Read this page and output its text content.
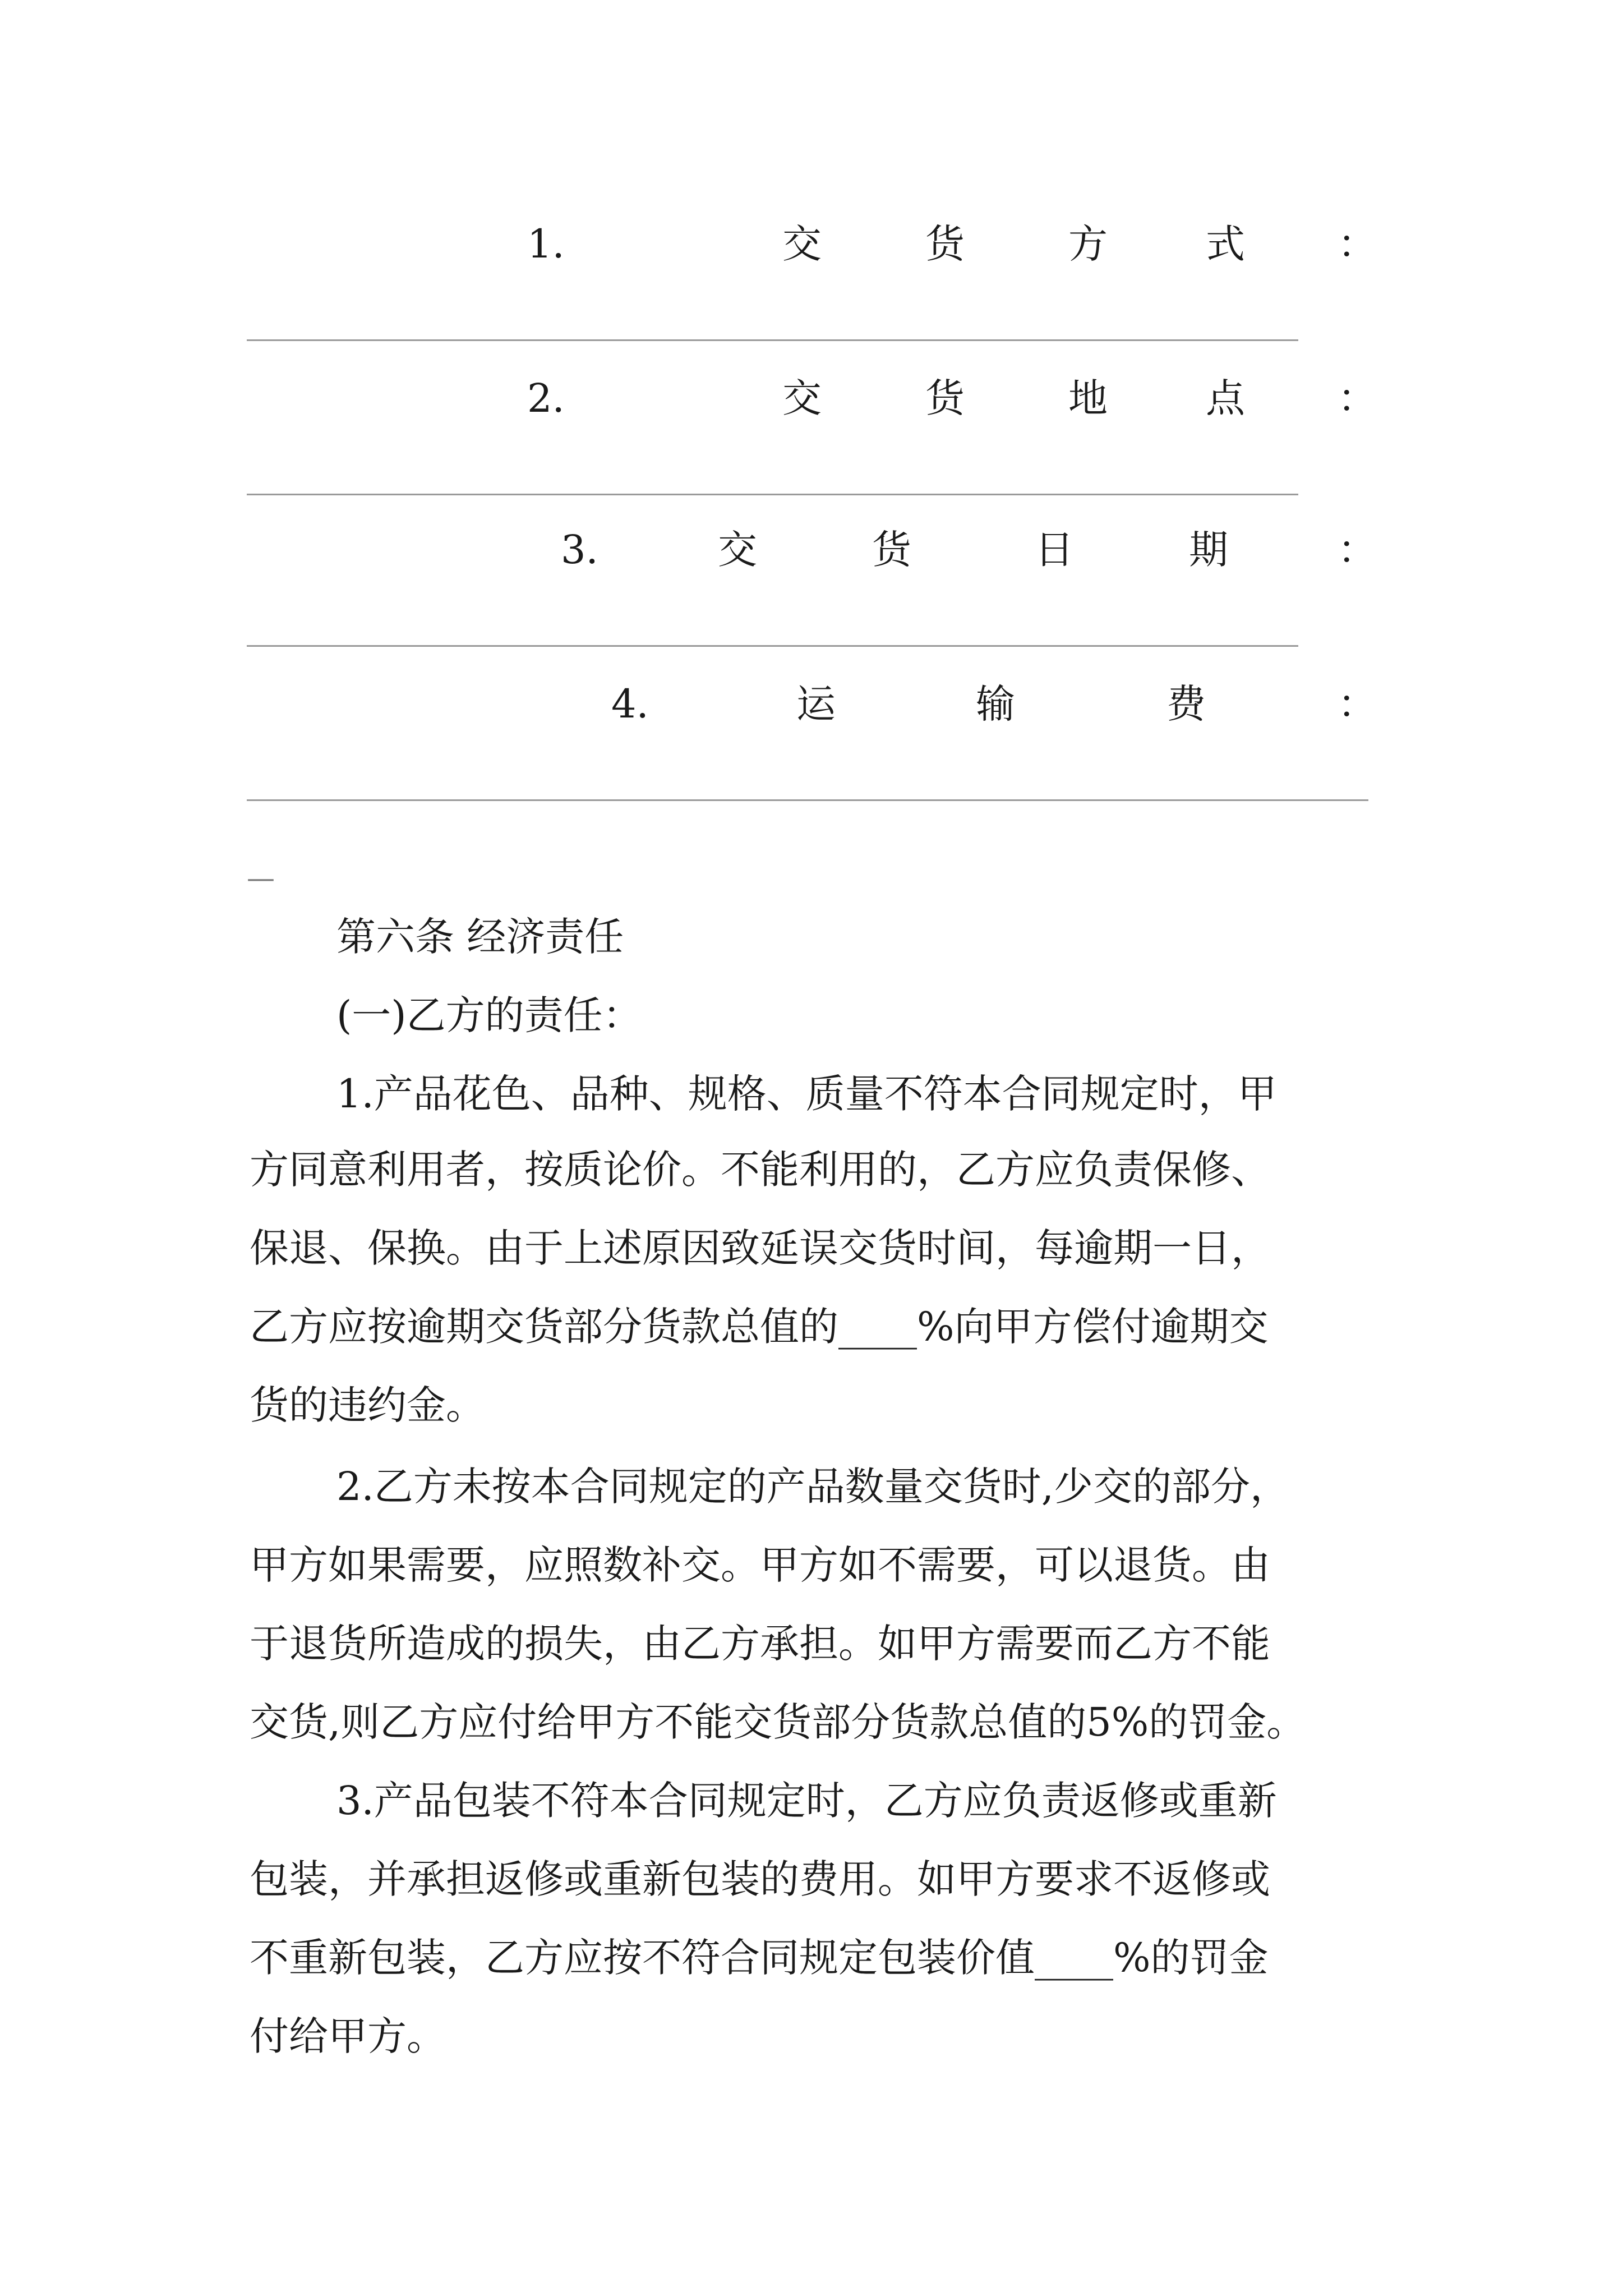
1.	交	货	方	式 ：
2.	交	货	地	点 ：
3.	交	货	日	期	：
4.	运	输	费	：
—
第六条 经济责任
(一)乙方的责任：
1.产品花色、品种、规格、质量不符本合同规定时，甲
方同意利用者，按质论价。不能利用的，乙方应负责保修、
保退、保换。由于上述原因致延误交货时间，每逾期一日，
乙方应按逾期交货部分货款总值的____%向甲方偿付逾期交
货的违约金。
2.乙方未按本合同规定的产品数量交货时,少交的部分，
甲方如果需要，应照数补交。甲方如不需要，可以退货。由
于退货所造成的损失，由乙方承担。如甲方需要而乙方不能
交货,则乙方应付给甲方不能交货部分货款总值的5%的罚金。
3.产品包装不符本合同规定时，乙方应负责返修或重新
包装，并承担返修或重新包装的费用。如甲方要求不返修或
不重新包装，乙方应按不符合同规定包装价值____%的罚金
付给甲方。
